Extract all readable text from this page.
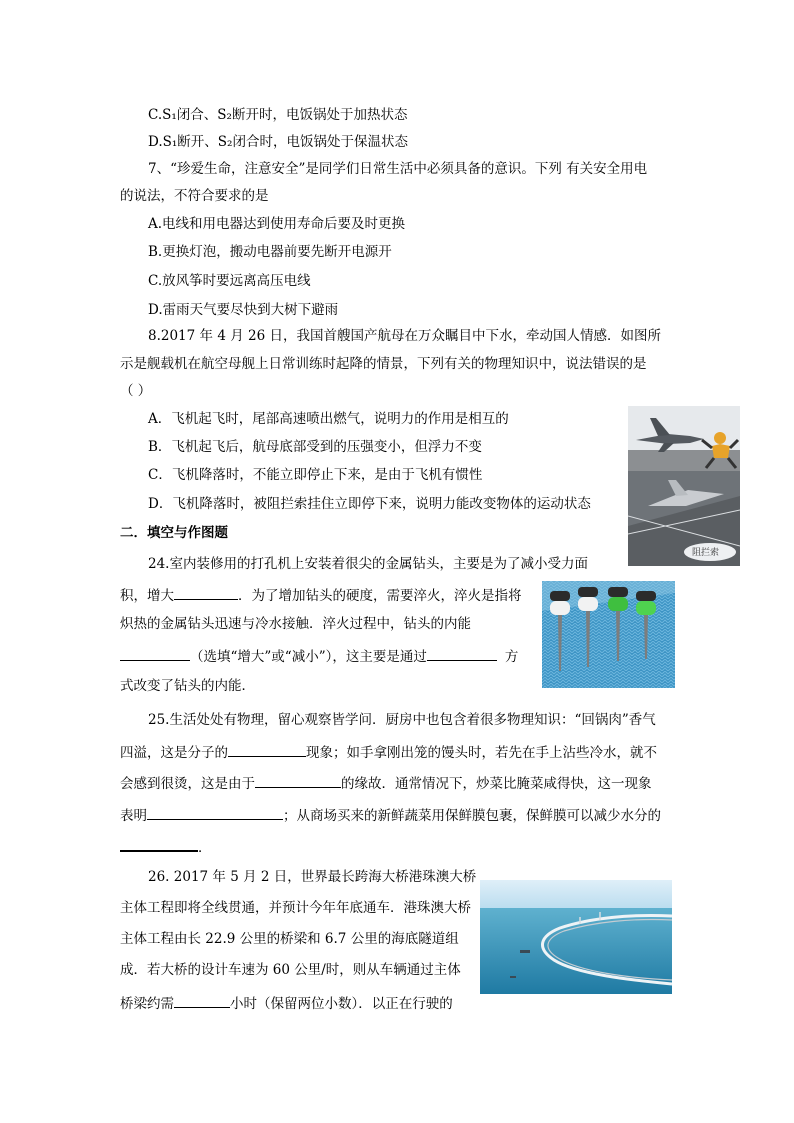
C.S₁闭合、S₂断开时，电饭锅处于加热状态
D.S₁断开、S₂闭合时，电饭锅处于保温状态
7、“珍爱生命，注意安全”是同学们日常生活中必须具备的意识。下列 有关安全用电
的说法，不符合要求的是
A.电线和用电器达到使用寿命后要及时更换
B.更换灯泡，搬动电器前要先断开电源开
C.放风筝时要远离高压电线
D.雷雨天气要尽快到大树下避雨
8.2017 年 4 月 26 日，我国首艘国产航母在万众瞩目中下水，牵动国人情感．如图所
示是舰载机在航空母舰上日常训练时起降的情景，下列有关的物理知识中，说法错误的是
（ ）
A．飞机起飞时，尾部高速喷出燃气，说明力的作用是相互的
B．飞机起飞后，航母底部受到的压强变小，但浮力不变
C．飞机降落时，不能立即停止下来，是由于飞机有惯性
D．飞机降落时，被阻拦索挂住立即停下来，说明力能改变物体的运动状态
阻拦索
二．填空与作图题
24.室内装修用的打孔机上安装着很尖的金属钻头，主要是为了减小受力面
积，增大	．为了增加钻头的硬度，需要淬火，淬火是指将
炽热的金属钻头迅速与冷水接触．淬火过程中，钻头的内能
（选填“增大”或“减小”），这主要是通过	方
式改变了钻头的内能．
25.生活处处有物理，留心观察皆学问．厨房中也包含着很多物理知识：“回锅肉”香气
四溢，这是分子的	现象；如手拿刚出笼的馒头时，若先在手上沾些冷水，就不
会感到很烫，这是由于	的缘故．通常情况下，炒菜比腌菜咸得快，这一现象
表明	；从商场买来的新鲜蔬菜用保鲜膜包裹，保鲜膜可以减少水分的
．
26. 2017 年 5 月 2 日，世界最长跨海大桥港珠澳大桥
主体工程即将全线贯通，并预计今年年底通车．港珠澳大桥
主体工程由长 22.9 公里的桥梁和 6.7 公里的海底隧道组
成．若大桥的设计车速为 60 公里/时，则从车辆通过主体
桥梁约需	小时（保留两位小数）．以正在行驶的
